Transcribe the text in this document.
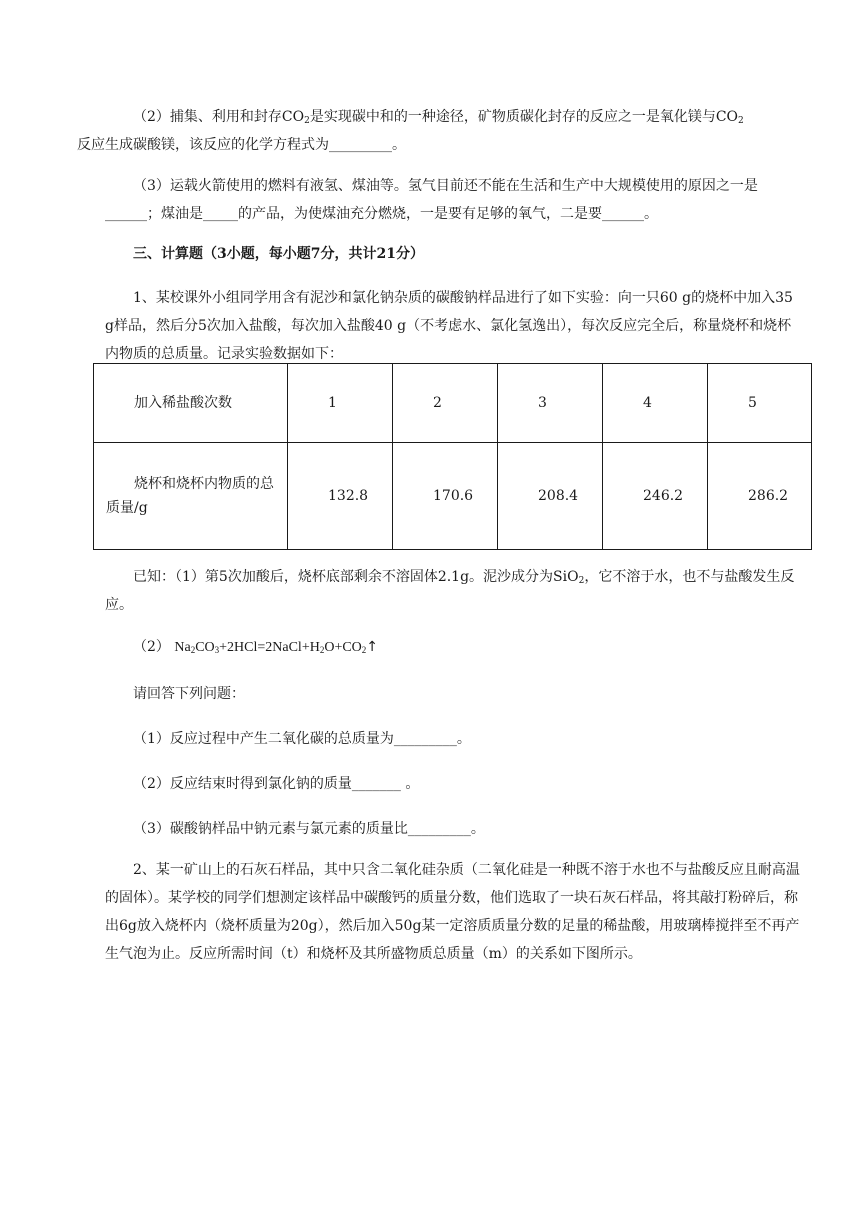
（2）捕集、利用和封存$CO_2$是实现碳中和的一种途径，矿物质碳化封存的反应之一是氧化镁与$CO_2$
反应生成碳酸镁，该反应的化学方程式为_________。

（3）运载火箭使用的燃料有液氢、煤油等。氢气目前还不能在生活和生产中大规模使用的原因之一是______；煤油是_____的产品，为使煤油充分燃烧，一是要有足够的氧气，二是要______。

三、计算题（3小题，每小题7分，共计21分）

1、某校课外小组同学用含有泥沙和氯化钠杂质的碳酸钠样品进行了如下实验：向一只60 g的烧杯中加入35 g样品，然后分5次加入盐酸，每次加入盐酸40 g（不考虑水、氯化氢逸出），每次反应完全后，称量烧杯和烧杯内物质的总质量。记录实验数据如下：

加入稀盐酸次数	1	2	3	4	5
烧杯和烧杯内物质的总质量/g	132.8	170.6	208.4	246.2	286.2

已知：（1）第5次加酸后，烧杯底部剩余不溶固体2.1g。泥沙成分为SiO$_2$，它不溶于水，也不与盐酸发生反应。

（2） $Na_2CO_3+2HCl=2NaCl+H_2O+CO_2↑$

请回答下列问题：

（1）反应过程中产生二氧化碳的总质量为_________。

（2）反应结束时得到氯化钠的质量_______ 。

（3）碳酸钠样品中钠元素与氯元素的质量比_________。

2、某一矿山上的石灰石样品，其中只含二氧化硅杂质（二氧化硅是一种既不溶于水也不与盐酸反应且耐高温的固体）。某学校的同学们想测定该样品中碳酸钙的质量分数，他们选取了一块石灰石样品，将其敲打粉碎后，称出6g放入烧杯内（烧杯质量为20g），然后加入50g某一定溶质质量分数的足量的稀盐酸，用玻璃棒搅拌至不再产生气泡为止。反应所需时间（t）和烧杯及其所盛物质总质量（m）的关系如下图所示。
